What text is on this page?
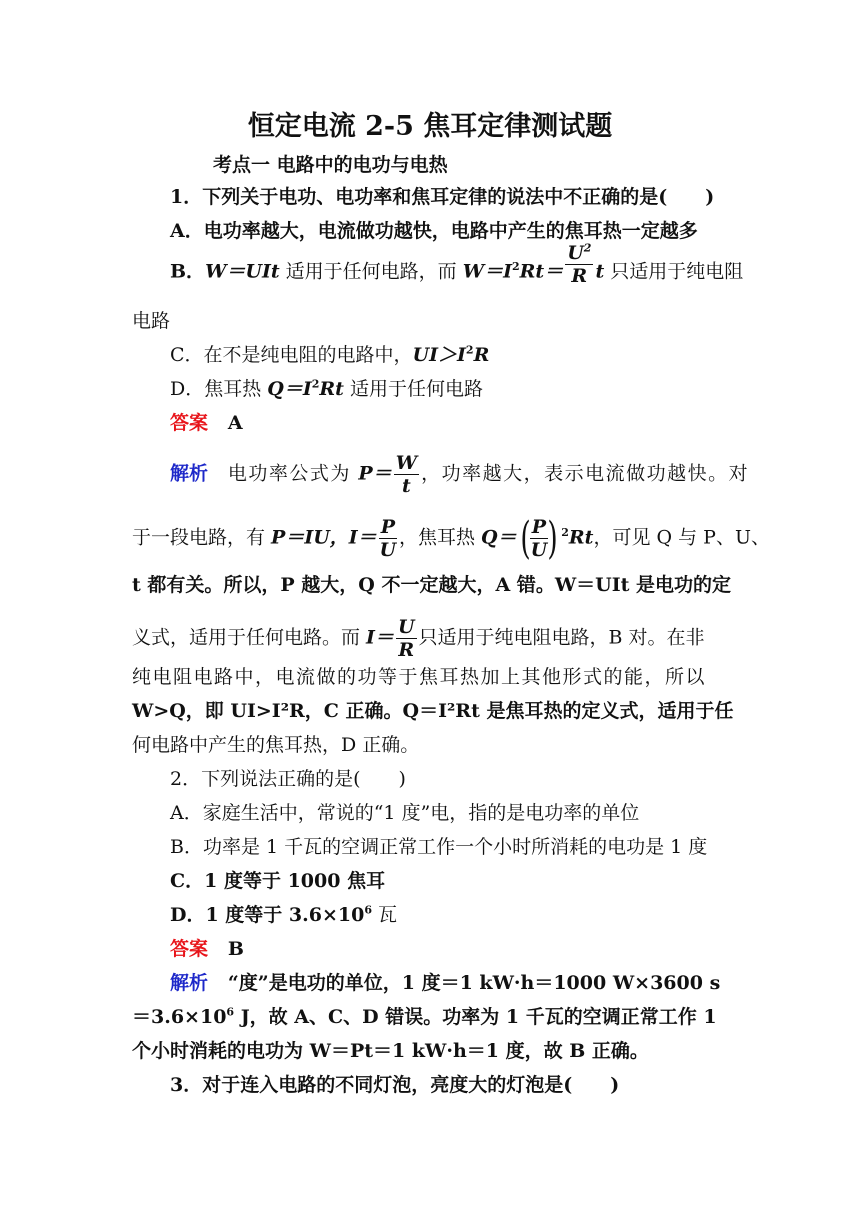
恒定电流 2-5 焦耳定律测试题
考点一 电路中的电功与电热
1．下列关于电功、电功率和焦耳定律的说法中不正确的是(　　)
A．电功率越大，电流做功越快，电路中产生的焦耳热一定越多
B．W＝UIt 适用于任何电路，而 $W=I^2Rt= \frac{U^2}{R}$ t 只适用于纯电阻
电路
C．在不是纯电阻的电路中，$UI>I^2R$
D．焦耳热 $Q=I^2Rt$ 适用于任何电路
答案 A
解析 电功率公式为 $P= \frac{W}{t}$ ，功率越大，表示电流做功越快。对
于一段电路，有 P＝IU，$I= \frac{P}{U}$ ，焦耳热 $Q=( \frac{P}{U}$ ) $^2$Rt，可见 Q 与 P、U、
t 都有关。所以，P 越大，Q 不一定越大，A 错。W＝UIt 是电功的定
义式，适用于任何电路。而 $I= \frac{U}{R}$ 只适用于纯电阻电路，B 对。在非
纯电阻电路中，电流做的功等于焦耳热加上其他形式的能，所以
W>Q，即 UI>I²R，C 正确。Q＝I²Rt 是焦耳热的定义式，适用于任
何电路中产生的焦耳热，D 正确。
2．下列说法正确的是(　　)
A．家庭生活中，常说的“1 度”电，指的是电功率的单位
B．功率是 1 千瓦的空调正常工作一个小时所消耗的电功是 1 度
C．1 度等于 1000 焦耳
D．1 度等于 $3.6\times 10^6$ 瓦
答案 B
解析 “度”是电功的单位，1 度＝1 kW·h＝1000 W×3600 s
$=3.6\times 10^6$ J，故 A、C、D 错误。功率为 1 千瓦的空调正常工作 1
个小时消耗的电功为 W＝Pt＝1 kW·h＝1 度，故 B 正确。
3．对于连入电路的不同灯泡，亮度大的灯泡是(　　)
